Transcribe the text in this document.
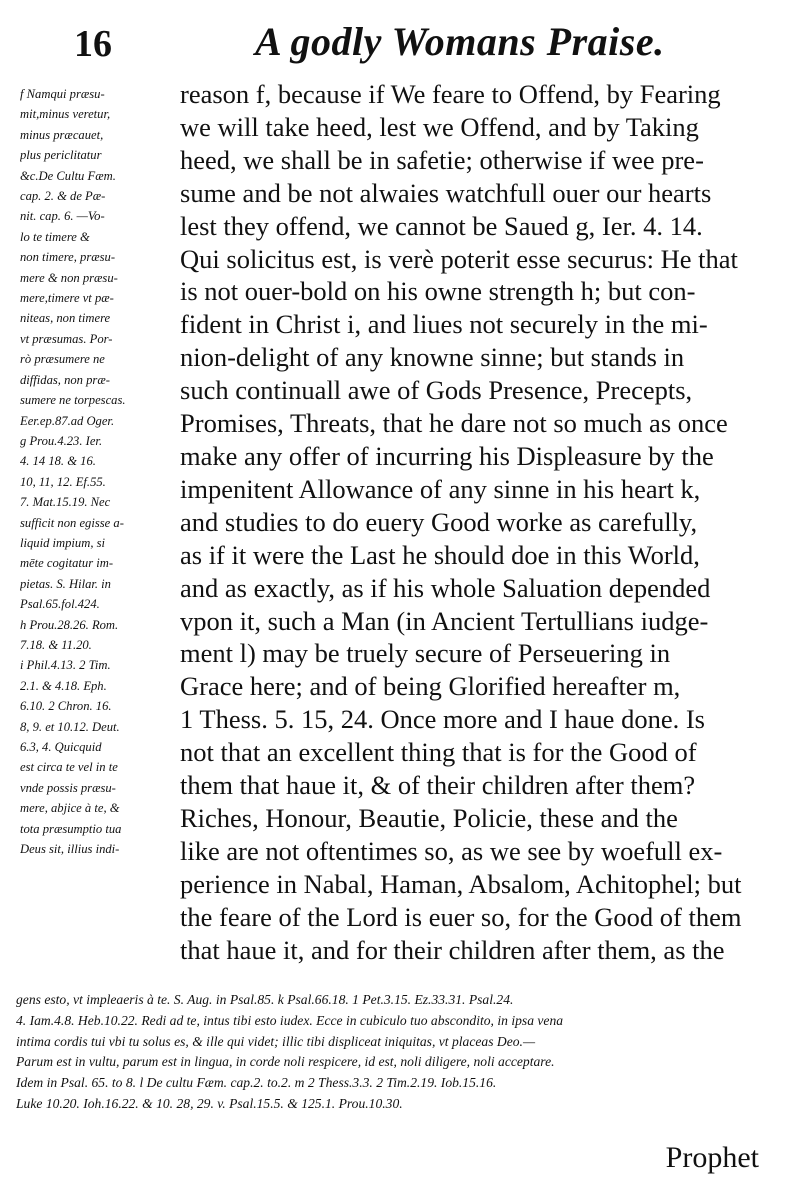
16	A godly Womans Praise.
f Namqui præsu-
mit,minus veretur,
minus præcauet,
plus periclitatur
&c.De Cultu Fæm.
cap. 2. & de Pæ-
nit. cap. 6. —Vo-
lo te timere &
non timere, præsu-
mere & non præsu-
mere,timere vt pæ-
niteas, non timere
vt præsumas. Por-
rò præsumere ne
diffidas, non præ-
sumere ne torpescas.
Eer.ep.87.ad Oger.
g Prou.4.23. Ier.
4. 14 18. & 16.
10, 11, 12. Ef.55.
7. Mat.15.19. Nec
sufficit non egisse a-
liquid impium, si
mēte cogitatur im-
pietas. S. Hilar. in
Psal.65.fol.424.
h Prou.28.26. Rom.
7.18. & 11.20.
i Phil.4.13. 2 Tim.
2.1. & 4.18. Eph.
6.10. 2 Chron. 16.
8, 9. et 10.12. Deut.
6.3, 4. Quicquid
est circa te vel in te
vnde possis præsu-
mere, abjice à te, &
tota præsumptio tua
Deus sit, illius indi-
reason f, because if We feare to Offend, by Fearing
we will take heed, lest we Offend, and by Taking
heed, we shall be in safetie; otherwise if wee pre-
sume and be not alwaies watchfull ouer our hearts
lest they offend, we cannot be Saued g, Ier. 4. 14.
Qui solicitus est, is verè poterit esse securus: He that
is not ouer-bold on his owne strength h; but con-
fident in Christ i, and liues not securely in the mi-
nion-delight of any knowne sinne; but stands in
such continuall awe of Gods Presence, Precepts,
Promises, Threats, that he dare not so much as once
make any offer of incurring his Displeasure by the
impenitent Allowance of any sinne in his heart k,
and studies to do euery Good worke as carefully,
as if it were the Last he should doe in this World,
and as exactly, as if his whole Saluation depended
vpon it, such a Man (in Ancient Tertullians iudge-
ment l) may be truely secure of Perseuering in
Grace here; and of being Glorified hereafter m,
1 Thess. 5. 15, 24. Once more and I haue done. Is
not that an excellent thing that is for the Good of
them that haue it, & of their children after them?
Riches, Honour, Beautie, Policie, these and the
like are not oftentimes so, as we see by woefull ex-
perience in Nabal, Haman, Absalom, Achitophel; but
the feare of the Lord is euer so, for the Good of them
that haue it, and for their children after them, as the
gens esto, vt impleaeris à te. S. Aug. in Psal.85. k Psal.66.18. 1 Pet.3.15. Ez.33.31. Psal.24.
4. Iam.4.8. Heb.10.22. Redi ad te, intus tibi esto iudex. Ecce in cubiculo tuo abscondito, in ipsa vena
intima cordis tui vbi tu solus es, & ille qui videt; illic tibi displiceat iniquitas, vt placeas Deo.—
Parum est in vultu, parum est in lingua, in corde noli respicere, id est, noli diligere, noli acceptare.
Idem in Psal. 65. to 8. l De cultu Fæm. cap.2. to.2. m 2 Thess.3.3. 2 Tim.2.19. Iob.15.16.
Luke 10.20. Ioh.16.22. & 10. 28, 29. v. Psal.15.5. & 125.1. Prou.10.30.
Prophet
